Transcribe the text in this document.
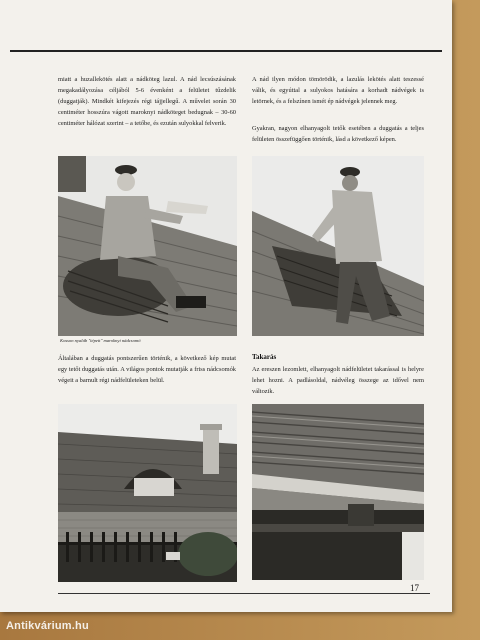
miatt a huzallekötés alatt a nádköteg lazul. A nád lecsúszásának megakadályozása céljából 5-6 évenként a felületet tűzdelik (duggatják). Mindkét kifejezés régi tájjellegű. A művelet során 30 centiméter hosszúra vágott maroknyi nádköteget bedugnak – 30-60 centiméter hálózat szerint – a tetőbe, és ezután sulyokkal felverik.

A nád ilyen módon tömörödik, a lazulás lekötés alatt teszessé válik, és egyúttal a sulyokos hatására a korhadt nádvégek is letörnek, és a felszínen ismét ép nádvégek jelennek meg.

Gyakran, nagyon elhanyagolt tetők esetében a duggatás a teljes felületen összefüggően történik, lásd a következő képen.

Kosson nyaláb "tépett" maroknyi nádcsomó

Általában a duggatás pontszerűen történik, a következő kép mutat egy tetőt duggatás után. A világos pontok mutatják a friss nádcsomók végeit a barnult régi nádfelületeken belül.

Takarás

Az ereszen lezomlett, elhanyagolt nádfelületet takarással is helyre lehet hozni. A padlásoldal, nádvéleg összege az idővel nem változik.

17
Antikvárium.hu
